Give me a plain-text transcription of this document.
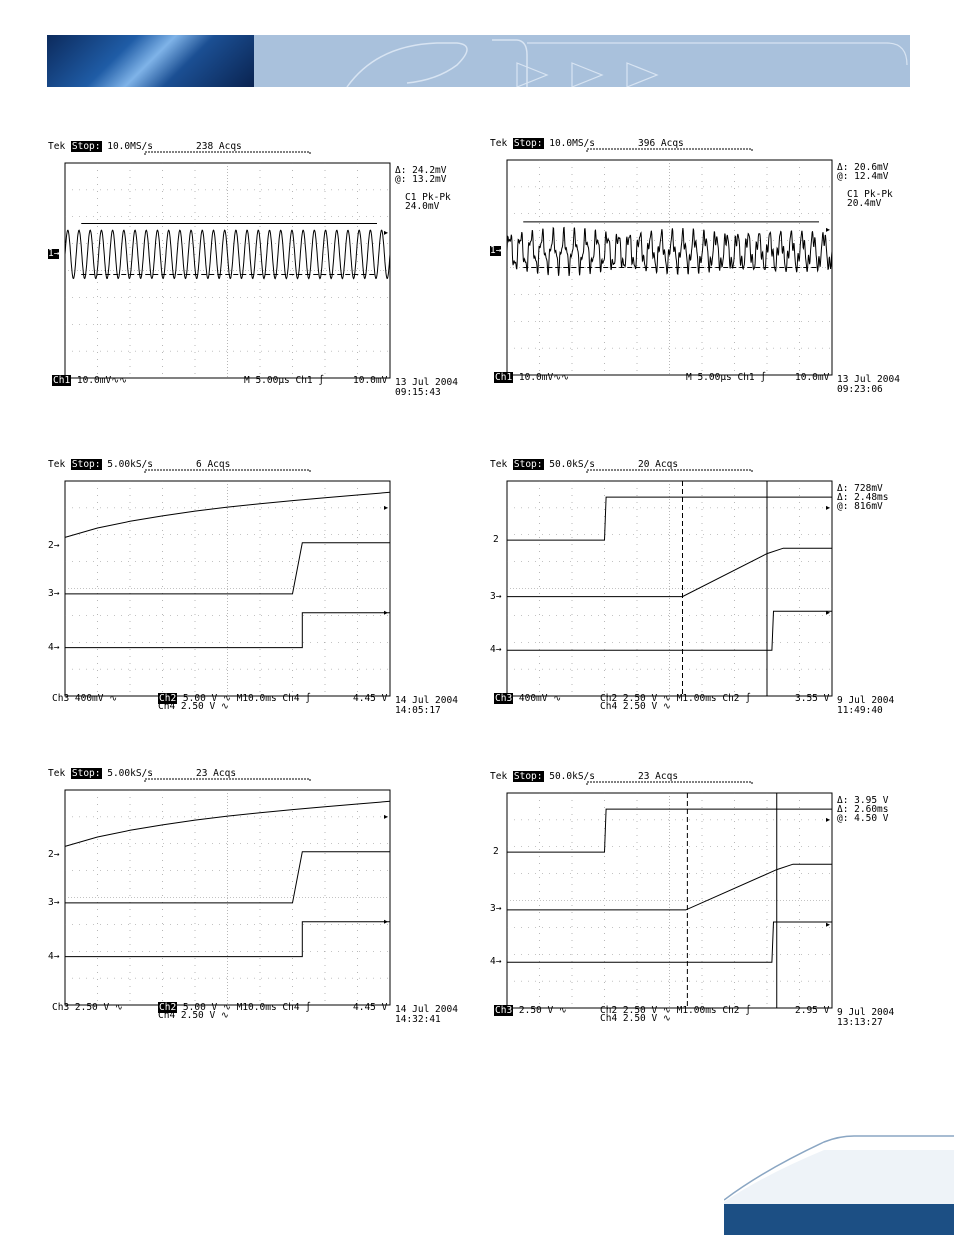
Tek Stop: 10.0MS/s	238 Acqs
1→
Δ: 24.2mV
@: 13.2mV

C1 Pk-Pk
24.0mV
Ch1 10.0mV∿∿	M 5.00µs Ch1 ∫	10.0mV 13 Jul 2004
09:15:43
Tek Stop: 10.0MS/s	396 Acqs
1→
Δ: 20.6mV
@: 12.4mV

C1 Pk-Pk
20.4mV
Ch1 10.0mV∿∿	M 5.00µs Ch1 ∫	10.0mV 13 Jul 2004
09:23:06
Tek Stop: 5.00kS/s	6 Acqs
2→
3→
4→
Ch3 400mV ∿	Ch2 5.00 V ∿ M10.0ms Ch4 ∫
Ch4 2.50 V ∿
4.45 V 14 Jul 2004
14:05:17
Tek Stop: 50.0kS/s	20 Acqs
2
3→
4→
Δ: 728mV
Δ: 2.48ms
@: 816mV
Ch3 400mV ∿	Ch2 2.50 V ∿ M1.00ms Ch2 ∫
Ch4 2.50 V ∿
3.55 V 9 Jul 2004
11:49:40
Tek Stop: 5.00kS/s	23 Acqs
2→
3→
4→
Ch3 2.50 V ∿	Ch2 5.00 V ∿ M10.0ms Ch4 ∫
Ch4 2.50 V ∿
4.45 V 14 Jul 2004
14:32:41
Tek Stop: 50.0kS/s	23 Acqs
2
3→
4→
Δ: 3.95 V
Δ: 2.60ms
@: 4.50 V
Ch3 2.50 V ∿	Ch2 2.50 V ∿ M1.00ms Ch2 ∫
Ch4 2.50 V ∿
2.95 V 9 Jul 2004
13:13:27
